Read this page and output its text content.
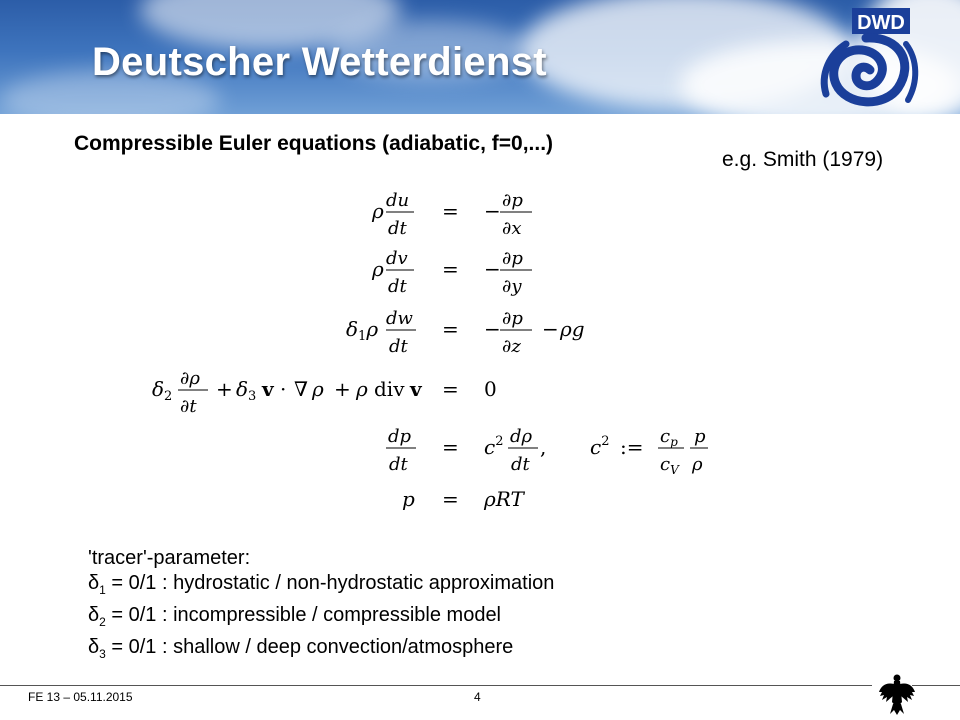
Deutscher Wetterdienst
DWD
Compressible Euler equations (adiabatic, f=0,...)
e.g. Smith (1979)
ρ du
dt
= − ∂p
∂x
ρ dv
dt
= − ∂p
∂y
$\delta_1\rho$ dw
dt
= − ∂p
∂z
− ρg
$\delta_2$
∂ρ
∂t
+ $\delta_3$ v · ∇ ρ + ρ div v = 0
dp
dt
= $c^2$ dρ
dt
, $c^2$ := $c_p$
$c_V$
p
ρ
p = ρRT
'tracer'-parameter:
$\delta_1 = 0/1$ : hydrostatic / non-hydrostatic approximation
$\delta_2 = 0/1$ : incompressible / compressible model
$\delta_3 = 0/1$ : shallow / deep convection/atmosphere
FE 13 – 05.11.2015	4
